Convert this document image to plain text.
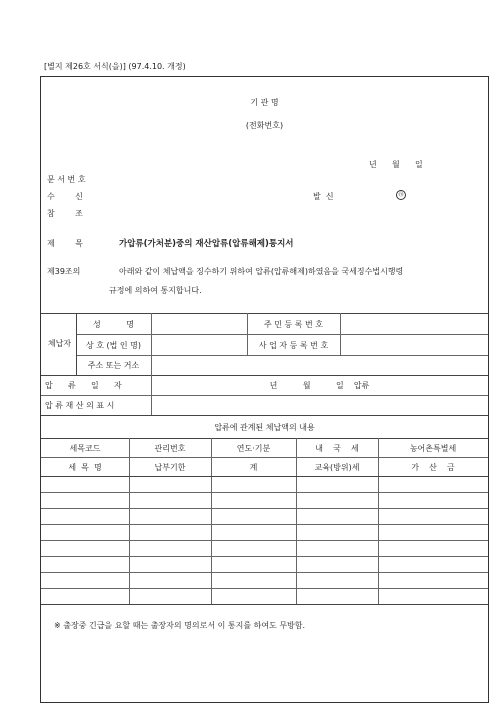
[별지 제26호 서식(을)] (97.4.10. 개정)
기 관 명
(전화번호)
년      월      일
문 서 번 호
수        신	발  신	㊞
참        조
제        목	가압류(가처분)중의 재산압류(압류해제)통지서
제39조의	아래와 같이 체납액을 징수하기 위하여 압류(압류해제)하였음을 국세징수법시행령
규정에 의하여 통지합니다.
체납자
성          명	주 민 등 록 번 호
상 호 (법 인 명)	사 업 자 등 록 번 호
주소 또는 거소
압      류      일      자	년          월          일    압류
압 류 재 산 의 표 시
압류에 관계된 체납액의 내용
세목코드	관리번호	연도·기분	내    국    세	농어촌특별세
세  목  명	납부기한	계	교육(방위)세	가    산    금
※ 출장중 긴급을 요할 때는 출장자의 명의로서 이 통지를 하여도 무방함.
